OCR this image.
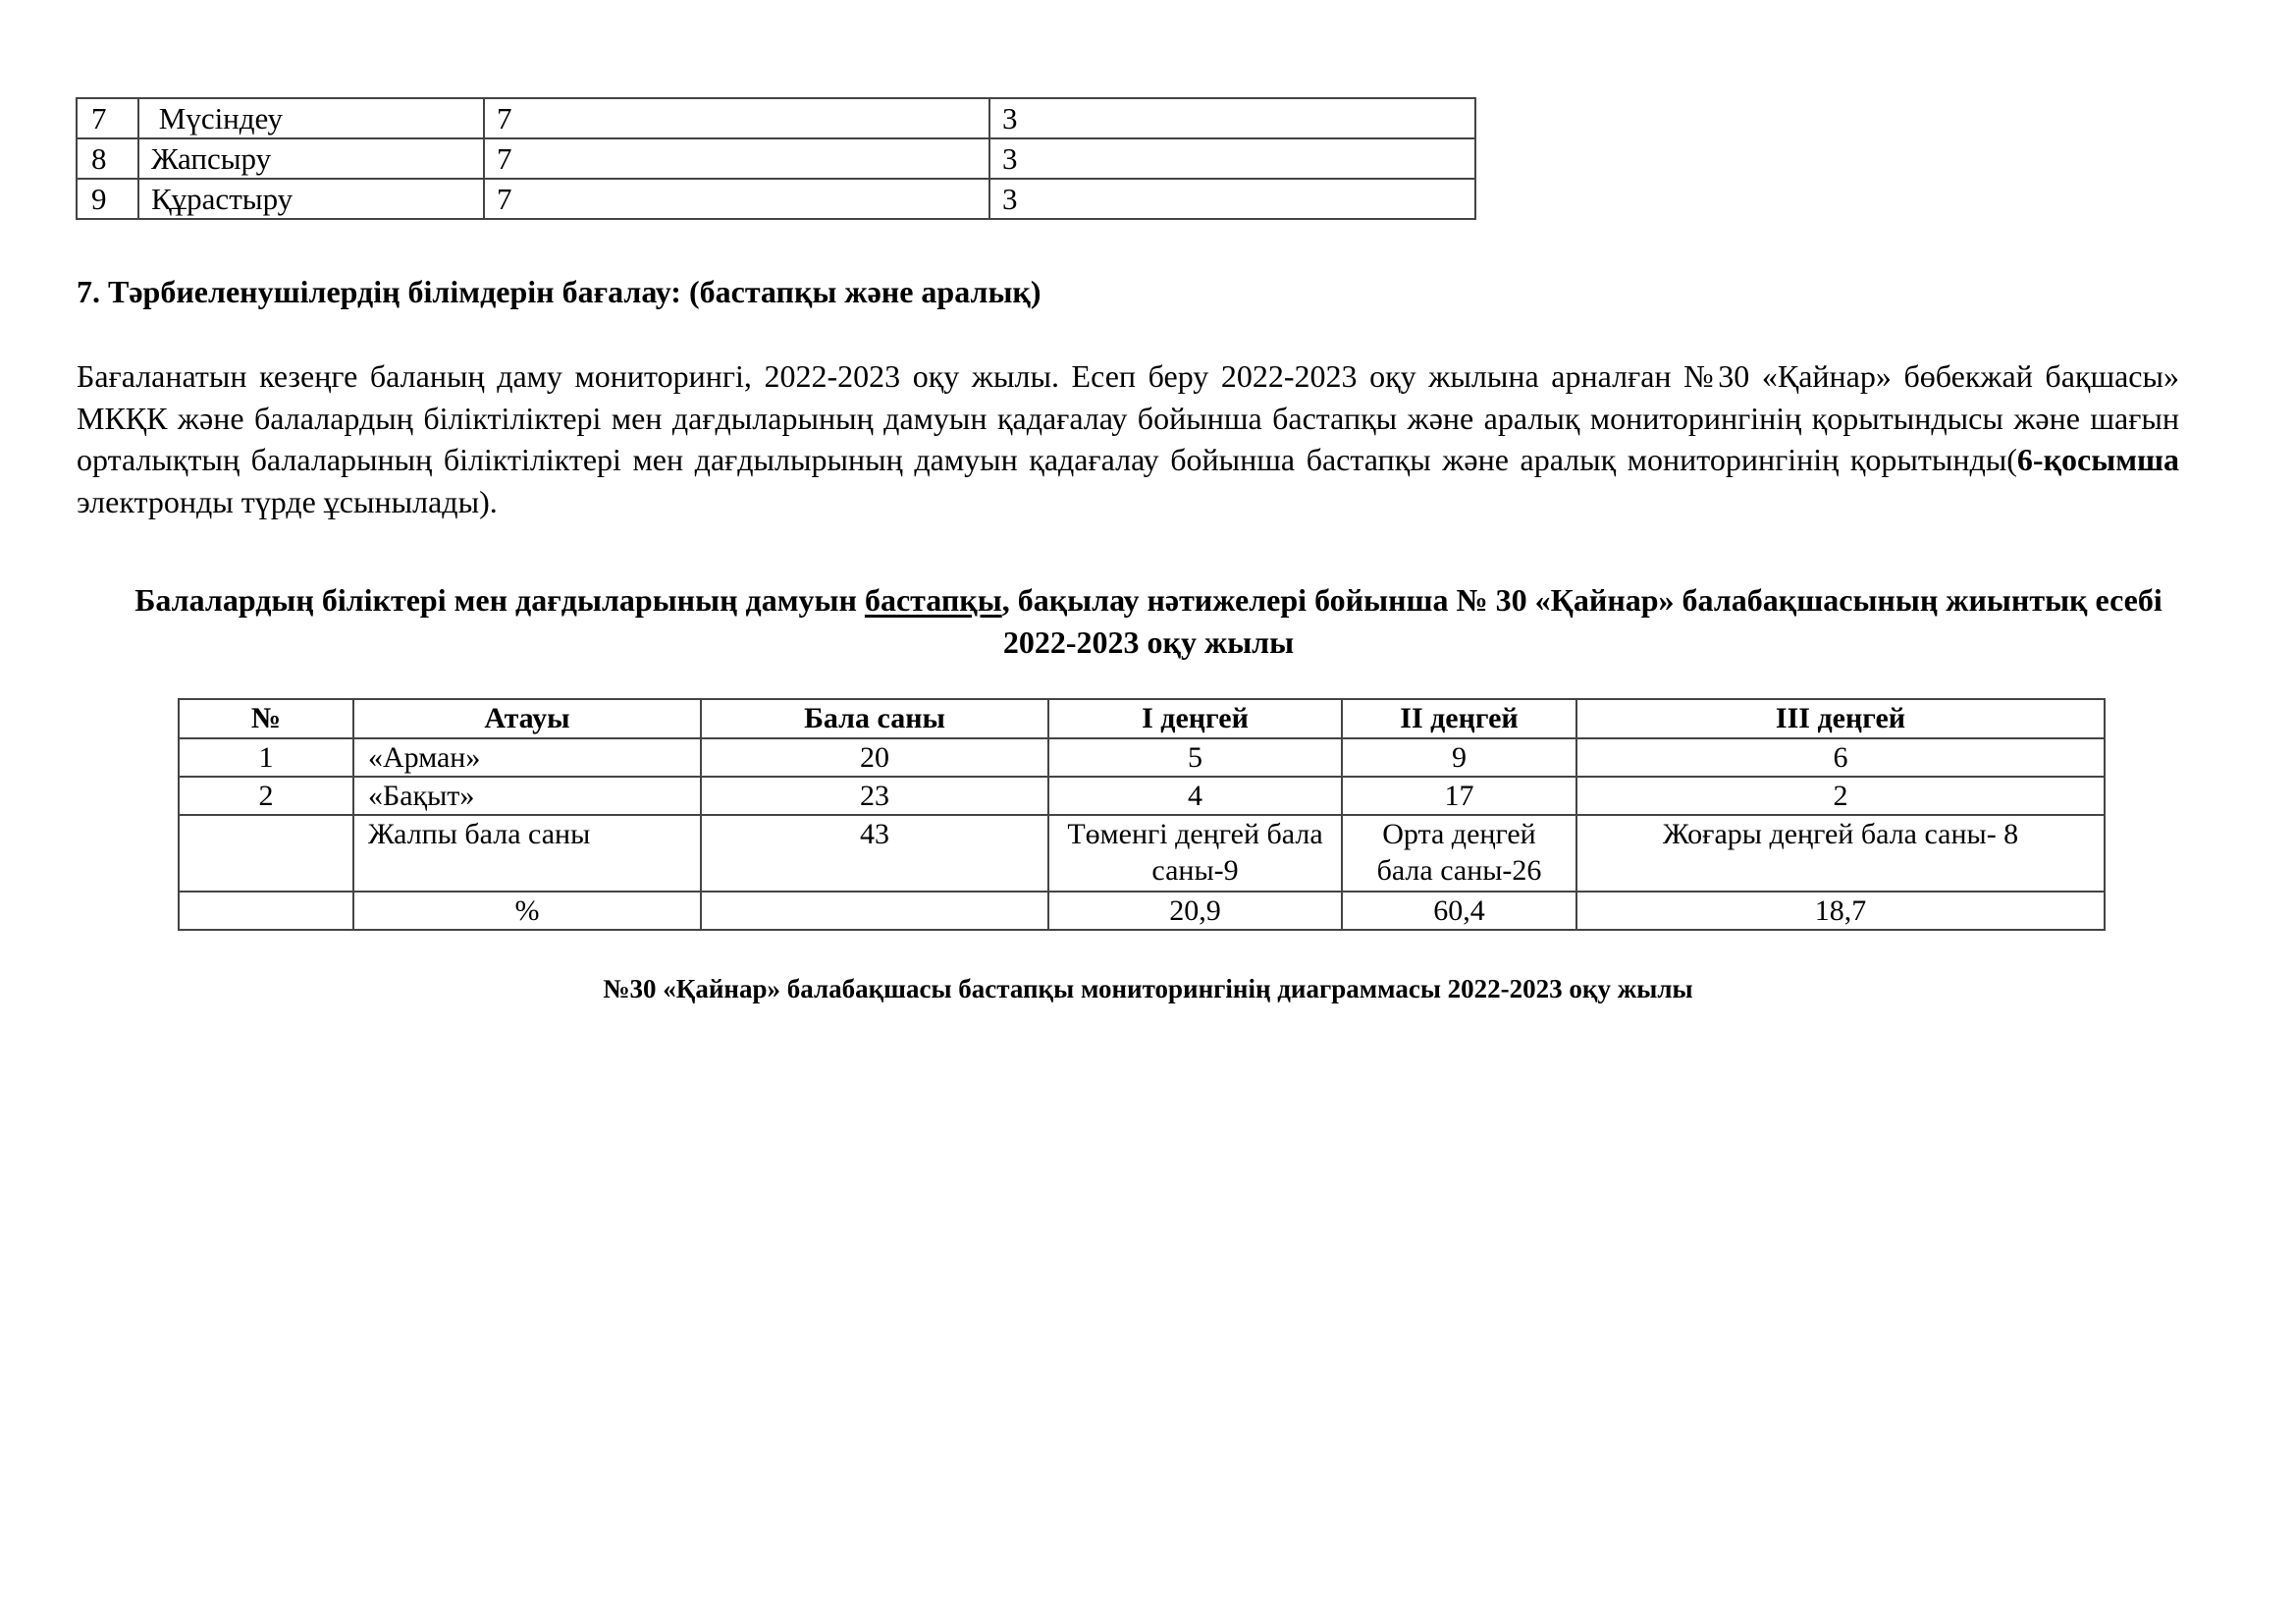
7	Мүсіндеу	7	3
8	Жапсыру	7	3
9	Құрастыру	7	3
7. Тәрбиеленушілердің білімдерін бағалау: (бастапқы және аралық)

Бағаланатын кезеңге баланың даму мониторингі, 2022-2023 оқу жылы. Есеп беру 2022-2023 оқу жылына арналған №30 «Қайнар» бөбекжай бақшасы» МКҚК және балалардың біліктіліктері мен дағдыларының дамуын қадағалау бойынша бастапқы және аралық мониторингінің қорытындысы және шағын орталықтың балаларының біліктіліктері мен дағдылырының дамуын қадағалау бойынша бастапқы және аралық мониторингінің қорытынды(6-қосымша электронды түрде ұсынылады).

Балалардың біліктері мен дағдыларының дамуын бастапқы, бақылау нәтижелері бойынша № 30 «Қайнар» балабақшасының жиынтық есебі 2022-2023 оқу жылы
№	Атауы	Бала саны	I деңгей	II деңгей	III деңгей
1	«Арман»	20	5	9	6
2	«Бақыт»	23	4	17	2
	Жалпы бала саны	43	Төменгі деңгей бала саны-9	Орта деңгей бала саны-26	Жоғары деңгей бала саны- 8
	%		20,9	60,4	18,7

№30 «Қайнар» балабақшасы бастапқы мониторингінің диаграммасы 2022-2023 оқу жылы
